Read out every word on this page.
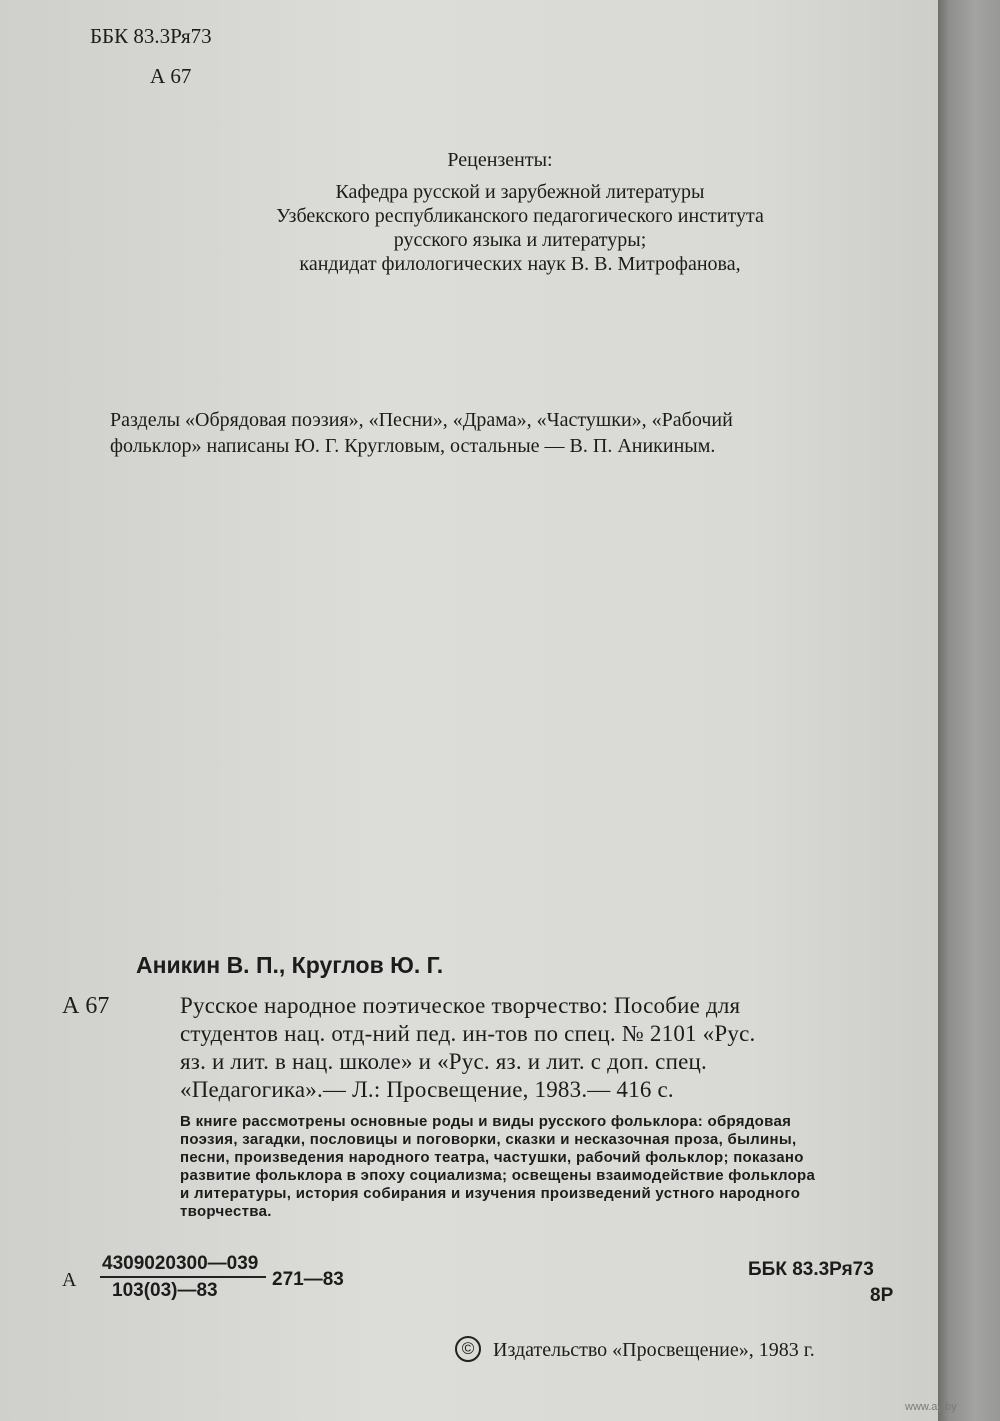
ББК 83.3Ря73
А 67
Рецензенты:
Кафедра русской и зарубежной литературы
Узбекского республиканского педагогического института
русского языка и литературы;
кандидат филологических наук В. В. Митрофанова,
Разделы «Обрядовая поэзия», «Песни», «Драма», «Частушки», «Рабочий
фольклор» написаны Ю. Г. Кругловым, остальные — В. П. Аникиным.
Аникин В. П., Круглов Ю. Г.
А 67	Русское народное поэтическое творчество: Пособие для
студентов нац. отд-ний пед. ин-тов по спец. № 2101 «Рус.
яз. и лит. в нац. школе» и «Рус. яз. и лит. с доп. спец.
«Педагогика».— Л.: Просвещение, 1983.— 416 с.
В книге рассмотрены основные роды и виды русского фольклора: обрядовая
поэзия, загадки, пословицы и поговорки, сказки и несказочная проза, былины,
песни, произведения народного театра, частушки, рабочий фольклор; показано
развитие фольклора в эпоху социализма; освещены взаимодействие фольклора
и литературы, история собирания и изучения произведений устного народного
творчества.
А
4309020300—039
103(03)—83
271—83	ББК 83.3Ря73
8Р
© Издательство «Просвещение», 1983 г.
www.ay.by
